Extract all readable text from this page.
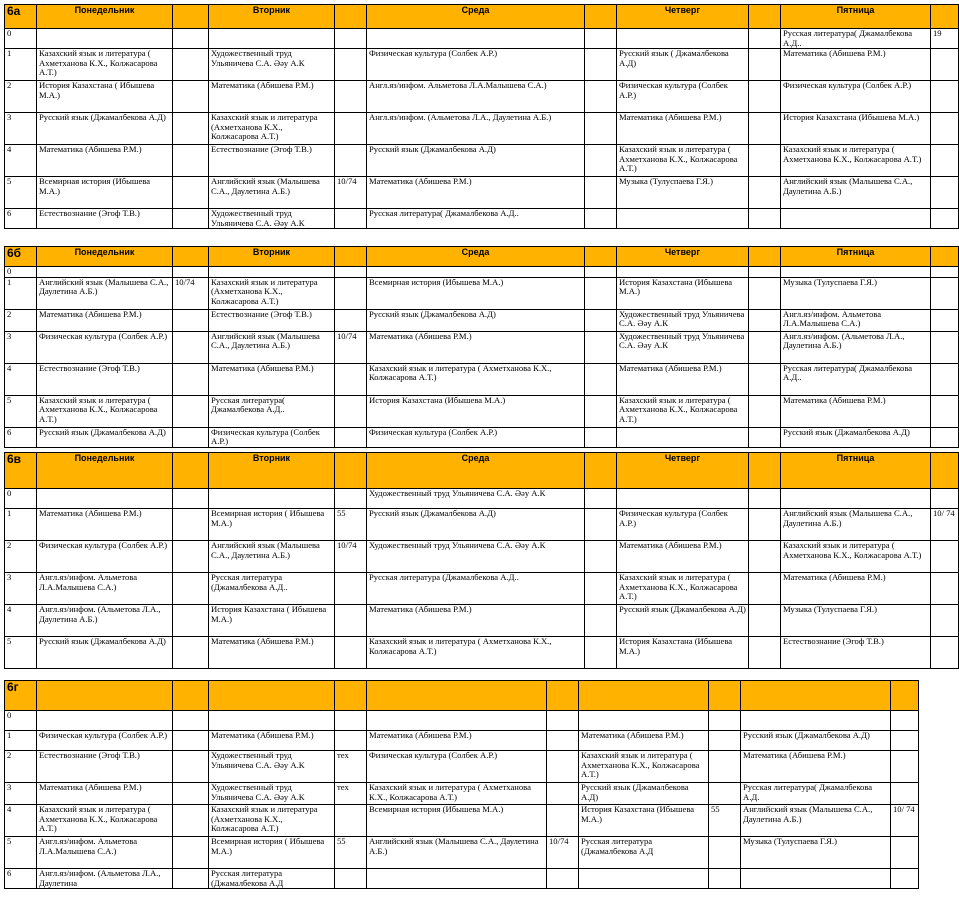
6а	Понедельник		Вторник		Среда		Четверг		Пятница	
0									Русская литература( Джамалбекова А.Д..	19
1	Казахский язык и литература ( Ахметханова К.Х., Колжасарова А.Т.)		Художественный труд Ульяничева С.А. Әәу А.К		Физическая культура (Солбек А.Р.)		Русский язык ( Джамалбекова А.Д)		Математика (Абишева Р.М.)	
2	История Казахстана ( Ибышева М.А.)		Математика (Абишева Р.М.)		Англ.яз/инфом. Альметова Л.А.Малышева С.А.)		Физическая культура (Солбек А.Р.)		Физическая культура (Солбек А.Р.)	
3	Русский язык (Джамалбекова А.Д)		Казахский язык и литература (Ахметханова К.Х., Колжасарова А.Т.)		Англ.яз/инфом. (Альметова Л.А., Даулетина А.Б.)		Математика (Абишева Р.М.)		История Казахстана (Ибышева М.А.)	
4	Математика (Абишева Р.М.)		Естествознание (Эгоф Т.В.)		Русский язык (Джамалбекова А.Д)		Казахский язык и литература ( Ахметханова К.Х., Колжасарова А.Т.)		Казахский язык и литература ( Ахметханова К.Х., Колжасарова А.Т.)	
5	Всемирная история (Ибышева М.А.)		Английский язык (Малышева С.А., Даулетина А.Б.)	10/74	Математика (Абишева Р.М.)		Музыка (Тулуспаева Г.Я.)		Английский язык (Малышева С.А., Даулетина А.Б.)	
6	Естествознание (Эгоф Т.В.)		Художественный труд Ульяничева С.А. Әәу А.К		Русская литература( Джамалбекова А.Д..					
6б	Понедельник		Вторник		Среда		Четверг		Пятница	
0										
1	Английский язык (Малышева С.А., Даулетина А.Б.)	10/74	Казахский язык и литература (Ахметханова К.Х., Колжасарова А.Т.)		Всемирная история (Ибышева М.А.)		История Казахстана (Ибышева М.А.)		Музыка (Тулуспаева Г.Я.)	
2	Математика (Абишева Р.М.)		Естествознание (Эгоф Т.В.)		Русский язык (Джамалбекова А.Д)		Художественный труд Ульяничева С.А. Әәу А.К		Англ.яз/инфом. Альметова Л.А.Малышева С.А.)	
3	Физическая культура (Солбек А.Р.)		Английский язык (Малышева С.А., Даулетина А.Б.)	10/74	Математика (Абишева Р.М.)		Художественный труд Ульяничева С.А. Әәу А.К		Англ.яз/инфом. (Альметова Л.А., Даулетина А.Б.)	
4	Естествознание (Эгоф Т.В.)		Математика (Абишева Р.М.)		Казахский язык и литература ( Ахметханова К.Х., Колжасарова А.Т.)		Математика (Абишева Р.М.)		Русская литература( Джамалбекова А.Д..	
5	Казахский язык и литература ( Ахметханова К.Х., Колжасарова А.Т.)		Русская литература( Джамалбекова А.Д..		История Казахстана (Ибышева М.А.)		Казахский язык и литература ( Ахметханова К.Х., Колжасарова А.Т.)		Математика (Абишева Р.М.)	
6	Русский язык (Джамалбекова А.Д)		Физическая культура (Солбек А.Р.)		Физическая культура (Солбек А.Р.)				Русский язык (Джамалбекова А.Д)	
6в	Понедельник		Вторник		Среда		Четверг		Пятница	
0					Художественный труд Ульяничева С.А. Әәу А.К					
1	Математика (Абишева Р.М.)		Всемирная история ( Ибышева М.А.)	55	Русский язык (Джамалбекова А.Д)		Физическая культура (Солбек А.Р.)		Английский язык (Малышева С.А., Даулетина А.Б.)	10/ 74
2	Физическая культура (Солбек А.Р.)		Английский язык (Малышева С.А., Даулетина А.Б.)	10/74	Художественный труд Ульяничева С.А. Әәу А.К		Математика (Абишева Р.М.)		Казахский язык и литература ( Ахметханова К.Х., Колжасарова А.Т.)	
3	Англ.яз/инфом. Альметова Л.А.Малышева С.А.)		Русская литература (Джамалбекова А.Д..		Русская литература (Джамалбекова А.Д..		Казахский язык и литература ( Ахметханова К.Х., Колжасарова А.Т.)		Математика (Абишева Р.М.)	
4	Англ.яз/инфом. (Альметова Л.А., Даулетина А.Б.)		История Казахстана ( Ибышева М.А.)		Математика (Абишева Р.М.)		Русский язык (Джамалбекова А.Д)		Музыка (Тулуспаева Г.Я.)	
5	Русский язык (Джамалбекова А.Д)		Математика (Абишева Р.М.)		Казахский язык и литература ( Ахметханова К.Х., Колжасарова А.Т.)		История Казахстана (Ибышева М.А.)		Естествознание (Эгоф Т.В.)	
6г										
0										
1	Физическая культура (Солбек А.Р.)		Математика (Абишева Р.М.)		Математика (Абишева Р.М.)		Математика (Абишева Р.М.)		Русский язык (Джамалбекова А.Д)	
2	Естествознание (Эгоф Т.В.)		Художественный труд Ульяничева С.А. Әәу А.К	тех	Физическая культура (Солбек А.Р.)		Казахский язык и литература ( Ахметханова К.Х., Колжасарова А.Т.)		Математика (Абишева Р.М.)	
3	Математика (Абишева Р.М.)		Художественный труд Ульяничева С.А. Әәу А.К	тех	Казахский язык и литература ( Ахметханова К.Х., Колжасарова А.Т.)		Русский язык (Джамалбекова А.Д)		Русская литература( Джамалбекова А.Д.	
4	Казахский язык и литература ( Ахметханова К.Х., Колжасарова А.Т.)		Казахский язык и литература (Ахметханова К.Х., Колжасарова А.Т.)		Всемирная история (Ибышева М.А.)		История Казахстана (Ибышева М.А.)	55	Английский язык (Малышева С.А., Даулетина А.Б.)	10/ 74
5	Англ.яз/инфом. Альметова Л.А.Малышева С.А.)		Всемирная история ( Ибышева М.А.)	55	Английский язык (Малышева С.А., Даулетина А.Б.)	10/74	Русская литература (Джамалбекова А.Д		Музыка (Тулуспаева Г.Я.)	
6	Англ.яз/инфом. (Альметова Л.А., Даулетина		Русская литература (Джамалбекова А.Д							
